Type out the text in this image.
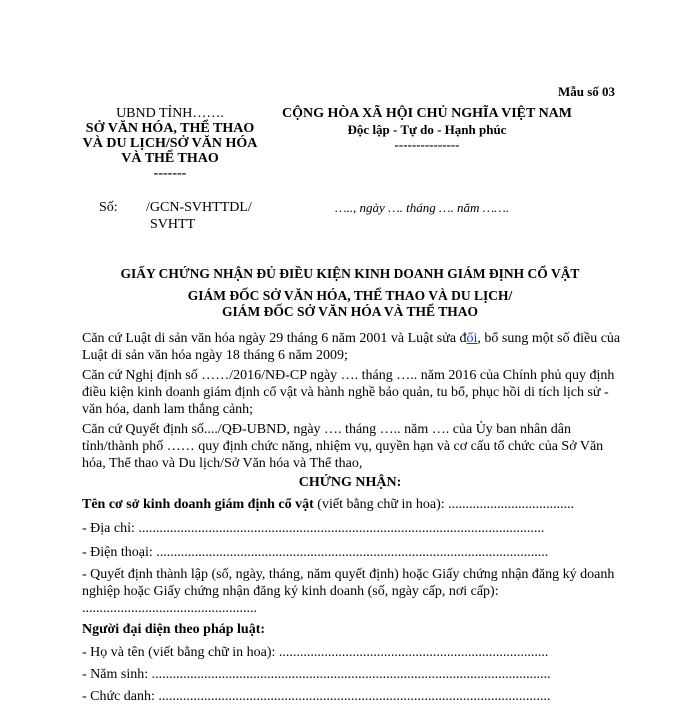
Mẫu số 03
UBND TỈNH…….
SỞ VĂN HÓA, THỂ THAO
VÀ DU LỊCH/SỞ VĂN HÓA
VÀ THỂ THAO
-------
CỘNG HÒA XÃ HỘI CHỦ NGHĨA VIỆT NAM
Độc lập - Tự do - Hạnh phúc
---------------
Số: /GCN-SVHTTDL/
SVHTT
….., ngày …. tháng …. năm …….
GIẤY CHỨNG NHẬN ĐỦ ĐIỀU KIỆN KINH DOANH GIÁM ĐỊNH CỔ VẬT
GIÁM ĐỐC SỞ VĂN HÓA, THỂ THAO VÀ DU LỊCH/
GIÁM ĐỐC SỞ VĂN HÓA VÀ THỂ THAO
Căn cứ Luật di sản văn hóa ngày 29 tháng 6 năm 2001 và Luật sửa đổi, bổ sung một số điều của Luật di sản văn hóa ngày 18 tháng 6 năm 2009;
Căn cứ Nghị định số ……/2016/NĐ-CP ngày …. tháng ….. năm 2016 của Chính phủ quy định điều kiện kinh doanh giám định cổ vật và hành nghề bảo quản, tu bổ, phục hồi di tích lịch sử - văn hóa, danh lam thắng cảnh;
Căn cứ Quyết định số..../QĐ-UBND, ngày …. tháng ….. năm …. của Ủy ban nhân dân tỉnh/thành phố …… quy định chức năng, nhiệm vụ, quyền hạn và cơ cấu tổ chức của Sở Văn hóa, Thể thao và Du lịch/Sở Văn hóa và Thể thao,
CHỨNG NHẬN:
Tên cơ sở kinh doanh giám định cổ vật (viết bằng chữ in hoa): ....................................
- Địa chỉ: ....................................................................................................................
- Điện thoại: ................................................................................................................
- Quyết định thành lập (số, ngày, tháng, năm quyết định) hoặc Giấy chứng nhận đăng ký doanh nghiệp hoặc Giấy chứng nhận đăng ký kinh doanh (số, ngày cấp, nơi cấp): ..................................................
Người đại diện theo pháp luật:
- Họ và tên (viết bằng chữ in hoa): .............................................................................
- Năm sinh: ..................................................................................................................
- Chức danh: ................................................................................................................
